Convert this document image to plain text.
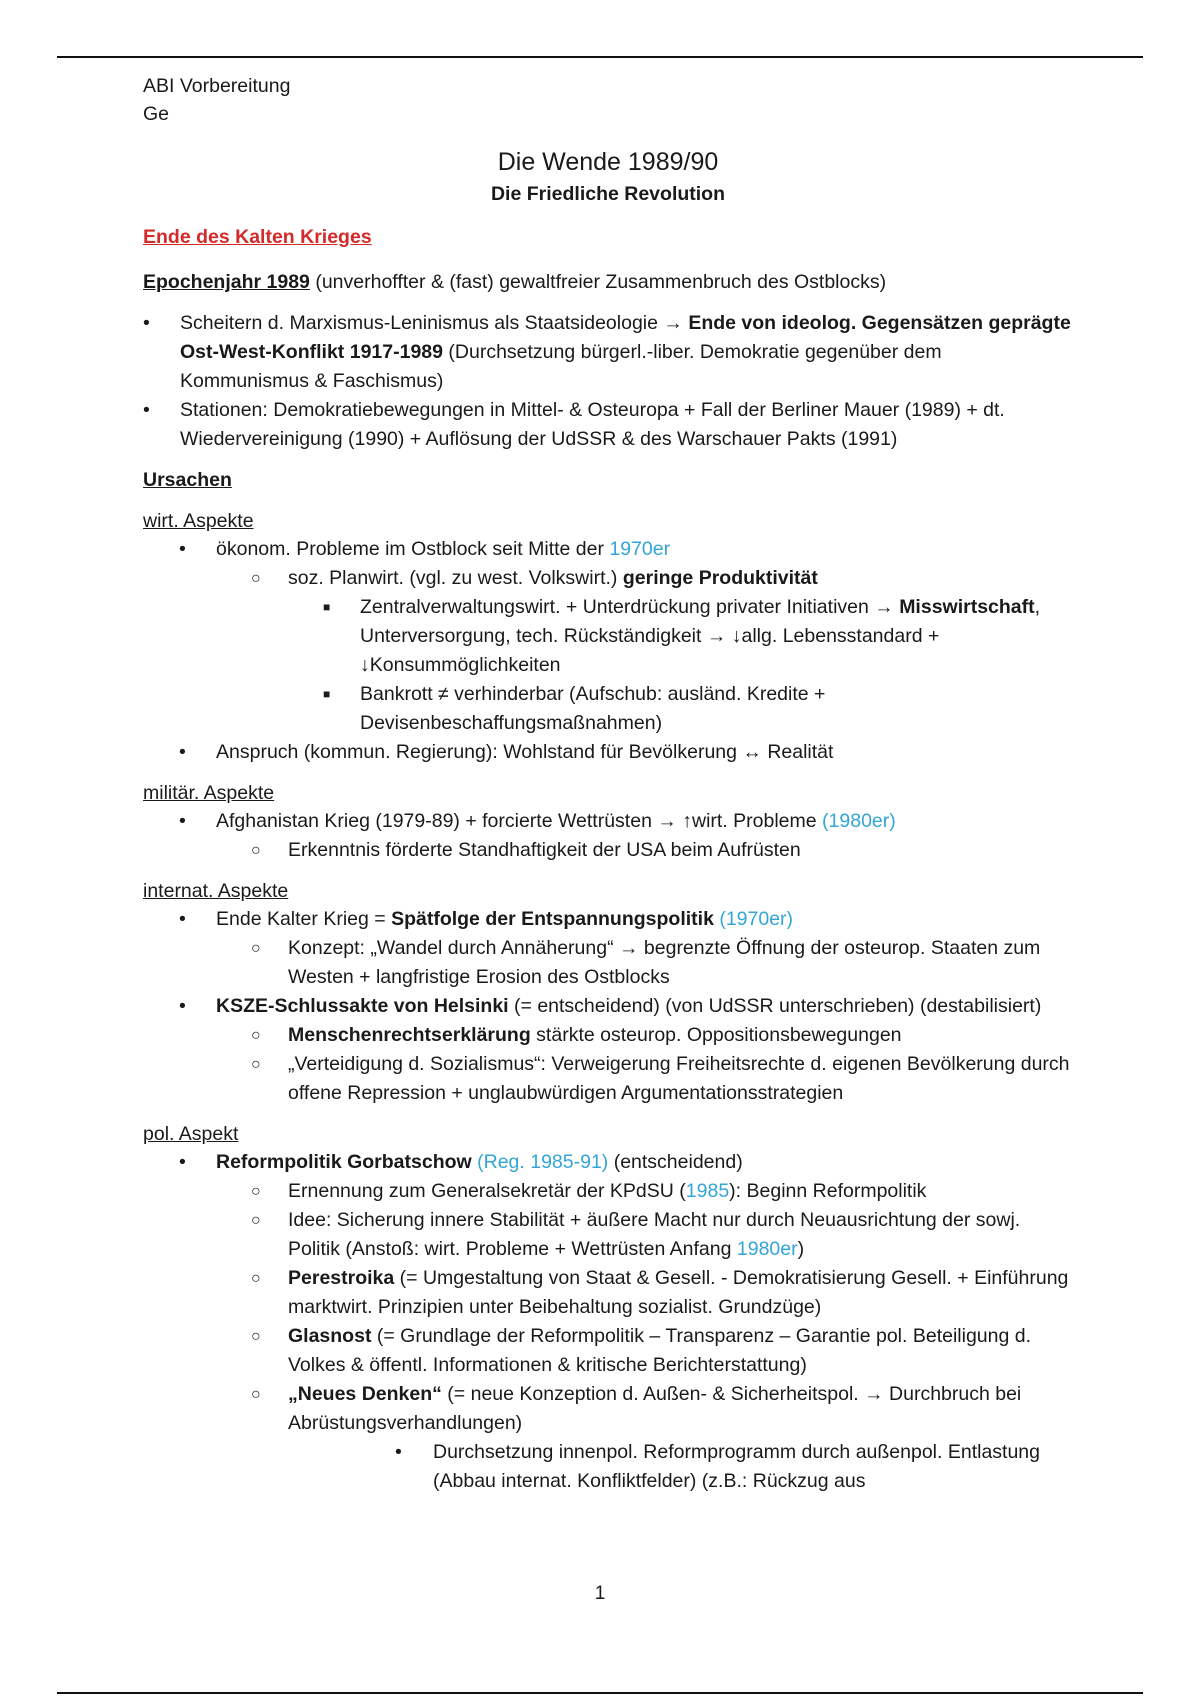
ABI Vorbereitung
Ge
Die Wende 1989/90
Die Friedliche Revolution
Ende des Kalten Krieges
Epochenjahr 1989 (unverhoffter & (fast) gewaltfreier Zusammenbruch des Ostblocks)
• Scheitern d. Marxismus-Leninismus als Staatsideologie → Ende von ideolog. Gegensätzen geprägte Ost-West-Konflikt 1917-1989 (Durchsetzung bürgerl.-liber. Demokratie gegenüber dem Kommunismus & Faschismus)
• Stationen: Demokratiebewegungen in Mittel- & Osteuropa + Fall der Berliner Mauer (1989) + dt. Wiedervereinigung (1990) + Auflösung der UdSSR & des Warschauer Pakts (1991)
Ursachen
wirt. Aspekte
• ökonom. Probleme im Ostblock seit Mitte der 1970er
○ soz. Planwirt. (vgl. zu west. Volkswirt.) geringe Produktivität
■ Zentralverwaltungswirt. + Unterdrückung privater Initiativen → Misswirtschaft, Unterversorgung, tech. Rückständigkeit → ↓allg. Lebensstandard + ↓Konsummöglichkeiten
■ Bankrott ≠ verhinderbar (Aufschub: ausländ. Kredite + Devisenbeschaffungsmaßnahmen)
• Anspruch (kommun. Regierung): Wohlstand für Bevölkerung ↔ Realität
militär. Aspekte
• Afghanistan Krieg (1979-89) + forcierte Wettrüsten → ↑wirt. Probleme (1980er)
○ Erkenntnis förderte Standhaftigkeit der USA beim Aufrüsten
internat. Aspekte
• Ende Kalter Krieg = Spätfolge der Entspannungspolitik (1970er)
○ Konzept: „Wandel durch Annäherung“ → begrenzte Öffnung der osteurop. Staaten zum Westen + langfristige Erosion des Ostblocks
• KSZE-Schlussakte von Helsinki (= entscheidend) (von UdSSR unterschrieben) (destabilisiert)
○ Menschenrechtserklärung stärkte osteurop. Oppositionsbewegungen
○ „Verteidigung d. Sozialismus“: Verweigerung Freiheitsrechte d. eigenen Bevölkerung durch offene Repression + unglaubwürdigen Argumentationsstrategien
pol. Aspekt
• Reformpolitik Gorbatschow (Reg. 1985-91) (entscheidend)
○ Ernennung zum Generalsekretär der KPdSU (1985): Beginn Reformpolitik
○ Idee: Sicherung innere Stabilität + äußere Macht nur durch Neuausrichtung der sowj. Politik (Anstoß: wirt. Probleme + Wettrüsten Anfang 1980er)
○ Perestroika (= Umgestaltung von Staat & Gesell. - Demokratisierung Gesell. + Einführung marktwirt. Prinzipien unter Beibehaltung sozialist. Grundzüge)
○ Glasnost (= Grundlage der Reformpolitik – Transparenz – Garantie pol. Beteiligung d. Volkes & öffentl. Informationen & kritische Berichterstattung)
○ „Neues Denken“ (= neue Konzeption d. Außen- & Sicherheitspol. → Durchbruch bei Abrüstungsverhandlungen)
• Durchsetzung innenpol. Reformprogramm durch außenpol. Entlastung (Abbau internat. Konfliktfelder) (z.B.: Rückzug aus
1
